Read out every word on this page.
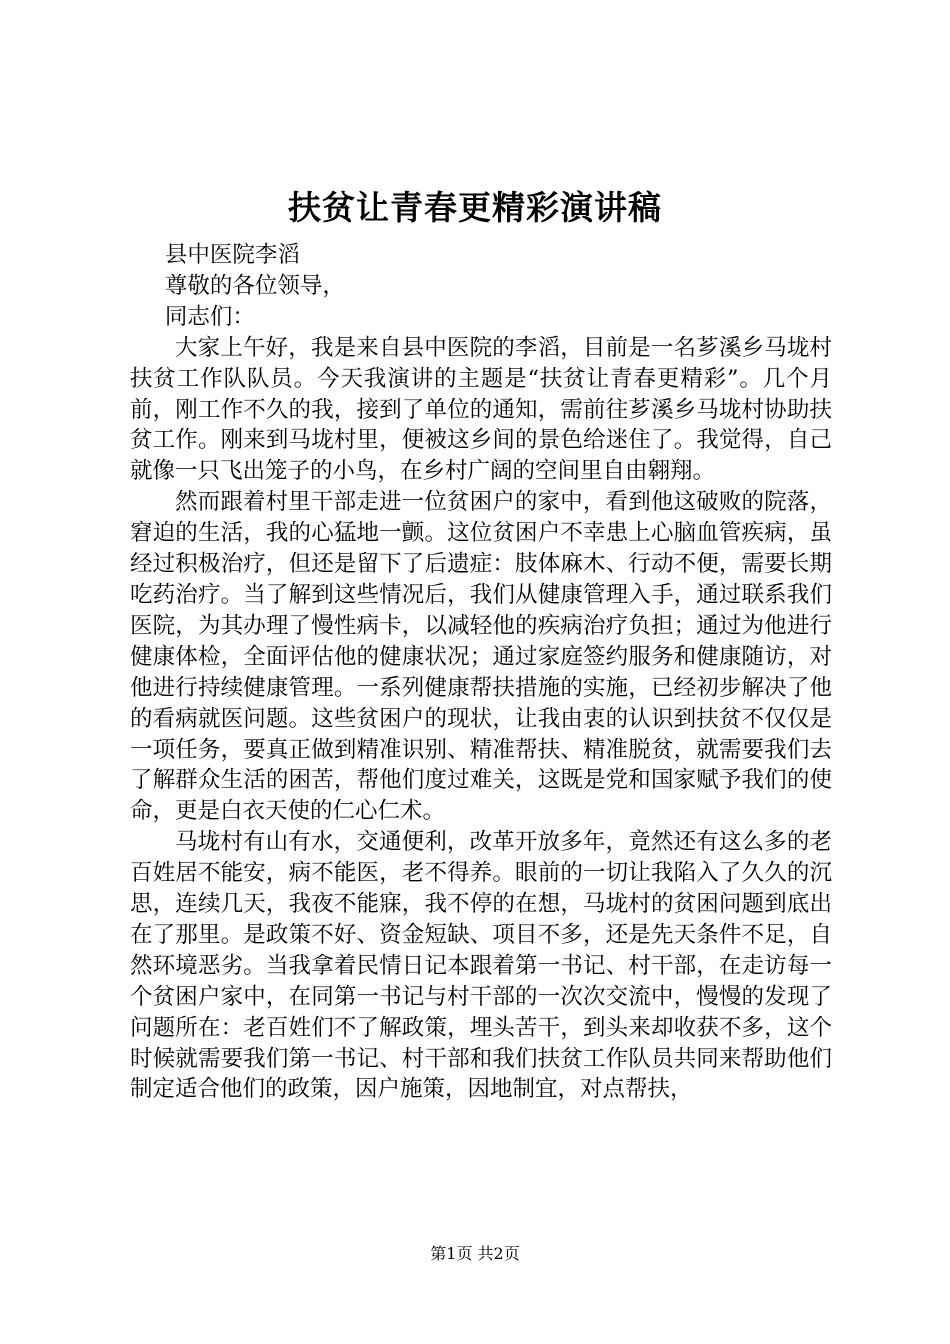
扶贫让青春更精彩演讲稿

县中医院李滔

尊敬的各位领导，

同志们：

大家上午好，我是来自县中医院的李滔，目前是一名芗溪乡马垅村扶贫工作队队员。今天我演讲的主题是“扶贫让青春更精彩”。几个月前，刚工作不久的我，接到了单位的通知，需前往芗溪乡马垅村协助扶贫工作。刚来到马垅村里，便被这乡间的景色给迷住了。我觉得，自己就像一只飞出笼子的小鸟，在乡村广阔的空间里自由翱翔。

然而跟着村里干部走进一位贫困户的家中，看到他这破败的院落，窘迫的生活，我的心猛地一颤。这位贫困户不幸患上心脑血管疾病，虽经过积极治疗，但还是留下了后遗症：肢体麻木、行动不便，需要长期吃药治疗。当了解到这些情况后，我们从健康管理入手，通过联系我们医院，为其办理了慢性病卡，以减轻他的疾病治疗负担；通过为他进行健康体检，全面评估他的健康状况；通过家庭签约服务和健康随访，对他进行持续健康管理。一系列健康帮扶措施的实施，已经初步解决了他的看病就医问题。这些贫困户的现状，让我由衷的认识到扶贫不仅仅是一项任务，要真正做到精准识别、精准帮扶、精准脱贫，就需要我们去了解群众生活的困苦，帮他们度过难关，这既是党和国家赋予我们的使命，更是白衣天使的仁心仁术。

马垅村有山有水，交通便利，改革开放多年，竟然还有这么多的老百姓居不能安，病不能医，老不得养。眼前的一切让我陷入了久久的沉思，连续几天，我夜不能寐，我不停的在想，马垅村的贫困问题到底出在了那里。是政策不好、资金短缺、项目不多，还是先天条件不足，自然环境恶劣。当我拿着民情日记本跟着第一书记、村干部，在走访每一个贫困户家中，在同第一书记与村干部的一次次交流中，慢慢的发现了问题所在：老百姓们不了解政策，埋头苦干，到头来却收获不多，这个时候就需要我们第一书记、村干部和我们扶贫工作队员共同来帮助他们制定适合他们的政策，因户施策，因地制宜，对点帮扶，

第1页 共2页
